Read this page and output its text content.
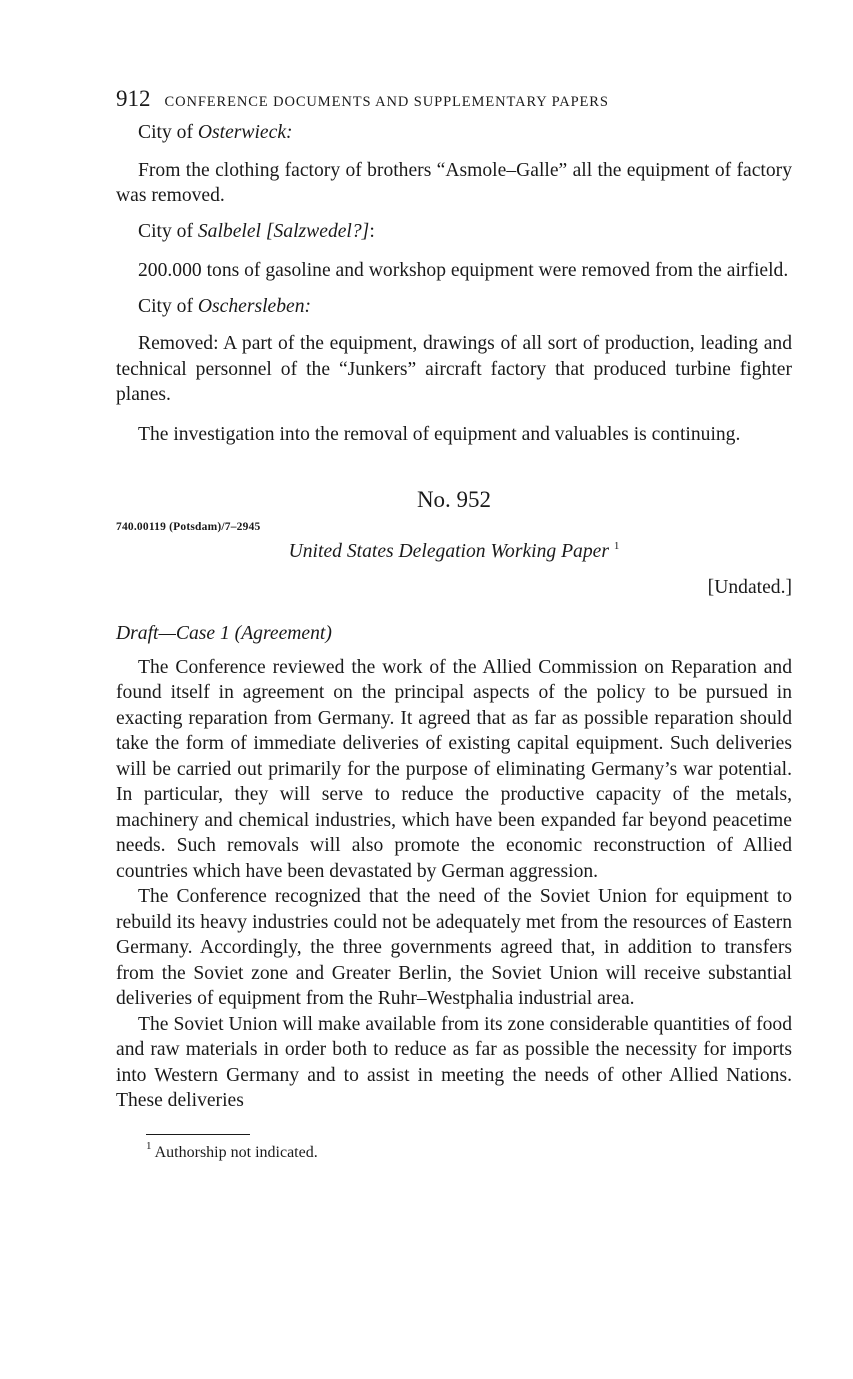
912 CONFERENCE DOCUMENTS AND SUPPLEMENTARY PAPERS

City of Osterwieck:

From the clothing factory of brothers “Asmole–Galle” all the equipment of factory was removed.

City of Salbelel [Salzwedel?]:

200.000 tons of gasoline and workshop equipment were removed from the airfield.

City of Oschersleben:

Removed: A part of the equipment, drawings of all sort of production, leading and technical personnel of the “Junkers” aircraft factory that produced turbine fighter planes.

The investigation into the removal of equipment and valuables is continuing.

No. 952
740.00119 (Potsdam)/7–2945
United States Delegation Working Paper $^1$
[Undated.]
Draft—Case 1 (Agreement)

The Conference reviewed the work of the Allied Commission on Reparation and found itself in agreement on the principal aspects of the policy to be pursued in exacting reparation from Germany. It agreed that as far as possible reparation should take the form of immediate deliveries of existing capital equipment. Such deliveries will be carried out primarily for the purpose of eliminating Germany’s war potential. In particular, they will serve to reduce the productive capacity of the metals, machinery and chemical industries, which have been expanded far beyond peacetime needs. Such removals will also promote the economic reconstruction of Allied countries which have been devastated by German aggression.

The Conference recognized that the need of the Soviet Union for equipment to rebuild its heavy industries could not be adequately met from the resources of Eastern Germany. Accordingly, the three governments agreed that, in addition to transfers from the Soviet zone and Greater Berlin, the Soviet Union will receive substantial deliveries of equipment from the Ruhr–Westphalia industrial area.

The Soviet Union will make available from its zone considerable quantities of food and raw materials in order both to reduce as far as possible the necessity for imports into Western Germany and to assist in meeting the needs of other Allied Nations. These deliveries

$^1$ Authorship not indicated.
